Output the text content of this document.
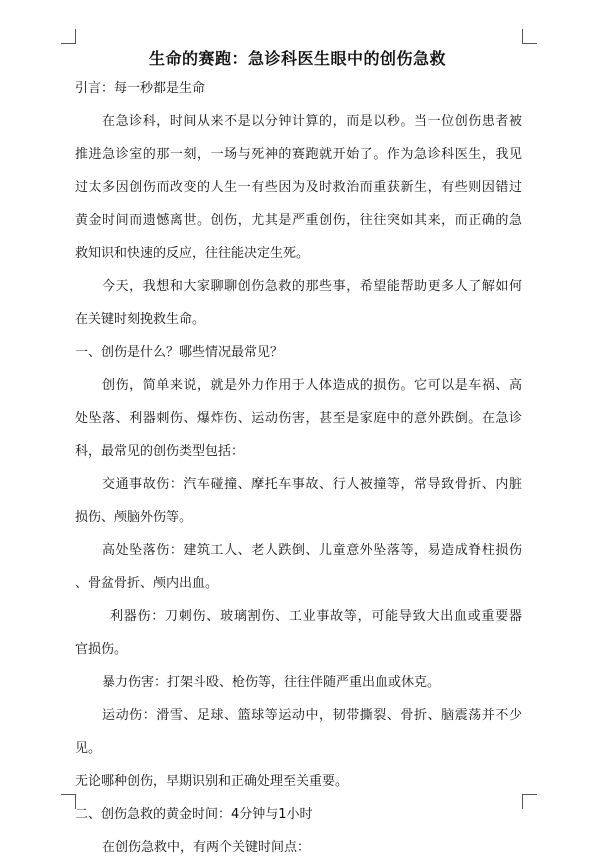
生命的赛跑：急诊科医生眼中的创伤急救
引言：每一秒都是生命
在急诊科，时间从来不是以分钟计算的，而是以秒。当一位创伤患者被
推进急诊室的那一刻，一场与死神的赛跑就开始了。作为急诊科医生，我见
过太多因创伤而改变的人生一有些因为及时救治而重获新生，有些则因错过
黄金时间而遗憾离世。创伤，尤其是严重创伤，往往突如其来，而正确的急
救知识和快速的反应，往往能决定生死。
今天，我想和大家聊聊创伤急救的那些事，希望能帮助更多人了解如何
在关键时刻挽救生命。
一、创伤是什么？哪些情况最常见？
创伤，简单来说，就是外力作用于人体造成的损伤。它可以是车祸、高
处坠落、利器刺伤、爆炸伤、运动伤害，甚至是家庭中的意外跌倒。在急诊
科，最常见的创伤类型包括：
交通事故伤：汽车碰撞、摩托车事故、行人被撞等，常导致骨折、内脏
损伤、颅脑外伤等。
高处坠落伤：建筑工人、老人跌倒、儿童意外坠落等，易造成脊柱损伤
、骨盆骨折、颅内出血。
利器伤：刀刺伤、玻璃割伤、工业事故等，可能导致大出血或重要器
官损伤。
暴力伤害：打架斗殴、枪伤等，往往伴随严重出血或休克。
运动伤：滑雪、足球、篮球等运动中，韧带撕裂、骨折、脑震荡并不少
见。
无论哪种创伤，早期识别和正确处理至关重要。
二、创伤急救的黄金时间：4分钟与1小时
在创伤急救中，有两个关键时间点：
